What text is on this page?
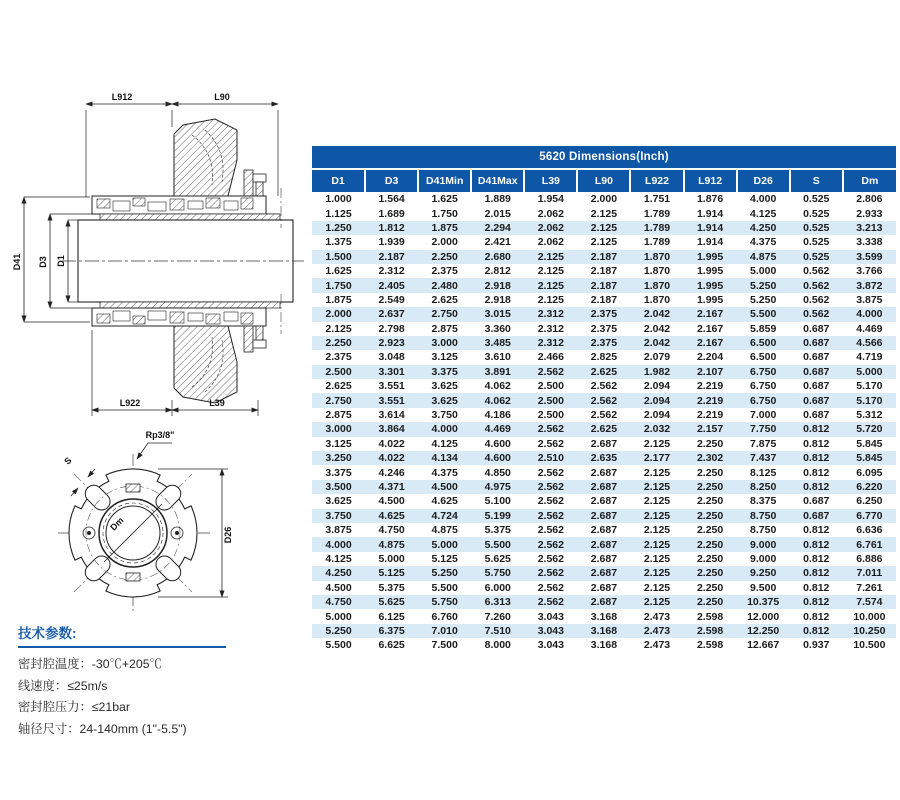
L912	L90
L922	L39
D41 D3 D1
Rp3/8"
S
Dm
D26
5620 Dimensions(Inch)
D1	D3	D41Min	D41Max	L39	L90	L922	L912	D26	S	Dm
1.000	1.564	1.625	1.889	1.954	2.000	1.751	1.876	4.000	0.525	2.806
1.125	1.689	1.750	2.015	2.062	2.125	1.789	1.914	4.125	0.525	2.933
1.250	1.812	1.875	2.294	2.062	2.125	1.789	1.914	4.250	0.525	3.213
1.375	1.939	2.000	2.421	2.062	2.125	1.789	1.914	4.375	0.525	3.338
1.500	2.187	2.250	2.680	2.125	2.187	1.870	1.995	4.875	0.525	3.599
1.625	2.312	2.375	2.812	2.125	2.187	1.870	1.995	5.000	0.562	3.766
1.750	2.405	2.480	2.918	2.125	2.187	1.870	1.995	5.250	0.562	3.872
1.875	2.549	2.625	2.918	2.125	2.187	1.870	1.995	5.250	0.562	3.875
2.000	2.637	2.750	3.015	2.312	2.375	2.042	2.167	5.500	0.562	4.000
2.125	2.798	2.875	3.360	2.312	2.375	2.042	2.167	5.859	0.687	4.469
2.250	2.923	3.000	3.485	2.312	2.375	2.042	2.167	6.500	0.687	4.566
2.375	3.048	3.125	3.610	2.466	2.825	2.079	2.204	6.500	0.687	4.719
2.500	3.301	3.375	3.891	2.562	2.625	1.982	2.107	6.750	0.687	5.000
2.625	3.551	3.625	4.062	2.500	2.562	2.094	2.219	6.750	0.687	5.170
2.750	3.551	3.625	4.062	2.500	2.562	2.094	2.219	6.750	0.687	5.170
2.875	3.614	3.750	4.186	2.500	2.562	2.094	2.219	7.000	0.687	5.312
3.000	3.864	4.000	4.469	2.562	2.625	2.032	2.157	7.750	0.812	5.720
3.125	4.022	4.125	4.600	2.562	2.687	2.125	2.250	7.875	0.812	5.845
3.250	4.022	4.134	4.600	2.510	2.635	2.177	2.302	7.437	0.812	5.845
3.375	4.246	4.375	4.850	2.562	2.687	2.125	2.250	8.125	0.812	6.095
3.500	4.371	4.500	4.975	2.562	2.687	2.125	2.250	8.250	0.812	6.220
3.625	4.500	4.625	5.100	2.562	2.687	2.125	2.250	8.375	0.687	6.250
3.750	4.625	4.724	5.199	2.562	2.687	2.125	2.250	8.750	0.687	6.770
3.875	4.750	4.875	5.375	2.562	2.687	2.125	2.250	8.750	0.812	6.636
4.000	4.875	5.000	5.500	2.562	2.687	2.125	2.250	9.000	0.812	6.761
4.125	5.000	5.125	5.625	2.562	2.687	2.125	2.250	9.000	0.812	6.886
4.250	5.125	5.250	5.750	2.562	2.687	2.125	2.250	9.250	0.812	7.011
4.500	5.375	5.500	6.000	2.562	2.687	2.125	2.250	9.500	0.812	7.261
4.750	5.625	5.750	6.313	2.562	2.687	2.125	2.250	10.375	0.812	7.574
5.000	6.125	6.760	7.260	3.043	3.168	2.473	2.598	12.000	0.812	10.000
5.250	6.375	7.010	7.510	3.043	3.168	2.473	2.598	12.250	0.812	10.250
5.500	6.625	7.500	8.000	3.043	3.168	2.473	2.598	12.667	0.937	10.500
技术参数:
密封腔温度：-30℃+205℃
线速度：≤25m/s
密封腔压力：≤21bar
轴径尺寸：24-140mm (1"-5.5")
